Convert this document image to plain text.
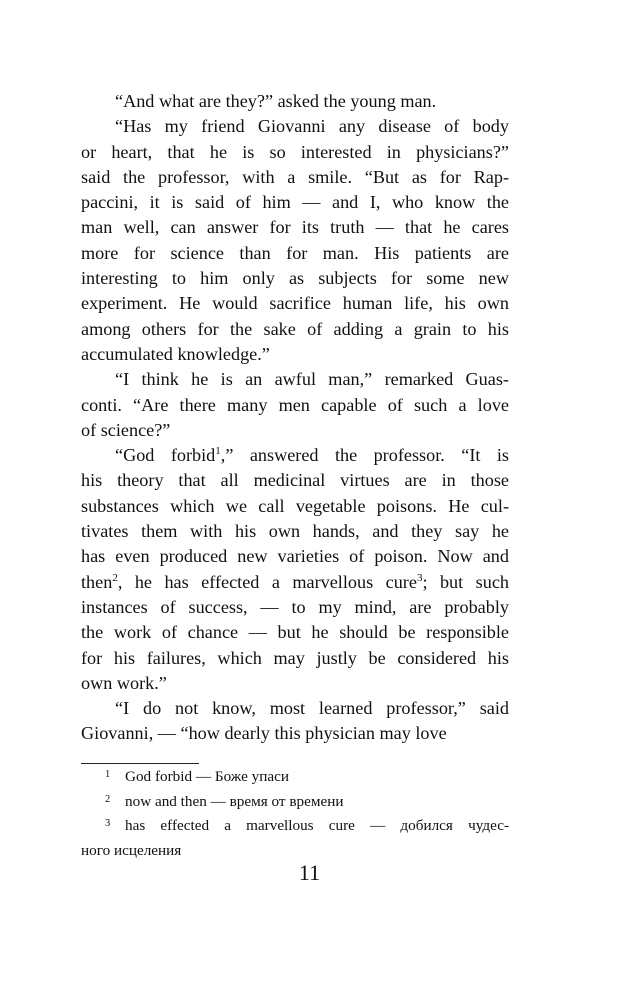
“And what are they?” asked the young man.
“Has my friend Giovanni any disease of body
or heart, that he is so interested in physicians?”
said the professor, with a smile. “But as for Rap-
paccini, it is said of him — and I, who know the
man well, can answer for its truth — that he cares
more for science than for man. His patients are
interesting to him only as subjects for some new
experiment. He would sacrifice human life, his own
among others for the sake of adding a grain to his
accumulated knowledge.”
“I think he is an awful man,” remarked Guas-
conti. “Are there many men capable of such a love
of science?”
“God forbid$^1$,” answered the professor. “It is
his theory that all medicinal virtues are in those
substances which we call vegetable poisons. He cul-
tivates them with his own hands, and they say he
has even produced new varieties of poison. Now and
then$^2$, he has effected a marvellous cure$^3$; but such
instances of success, — to my mind, are probably
the work of chance — but he should be responsible
for his failures, which may justly be considered his
own work.”
“I do not know, most learned professor,” said
Giovanni, — “how dearly this physician may love
1 God forbid — Боже упаси
2 now and then — время от времени
3 has effected a marvellous cure — добился чудес-
ного исцеления
11
